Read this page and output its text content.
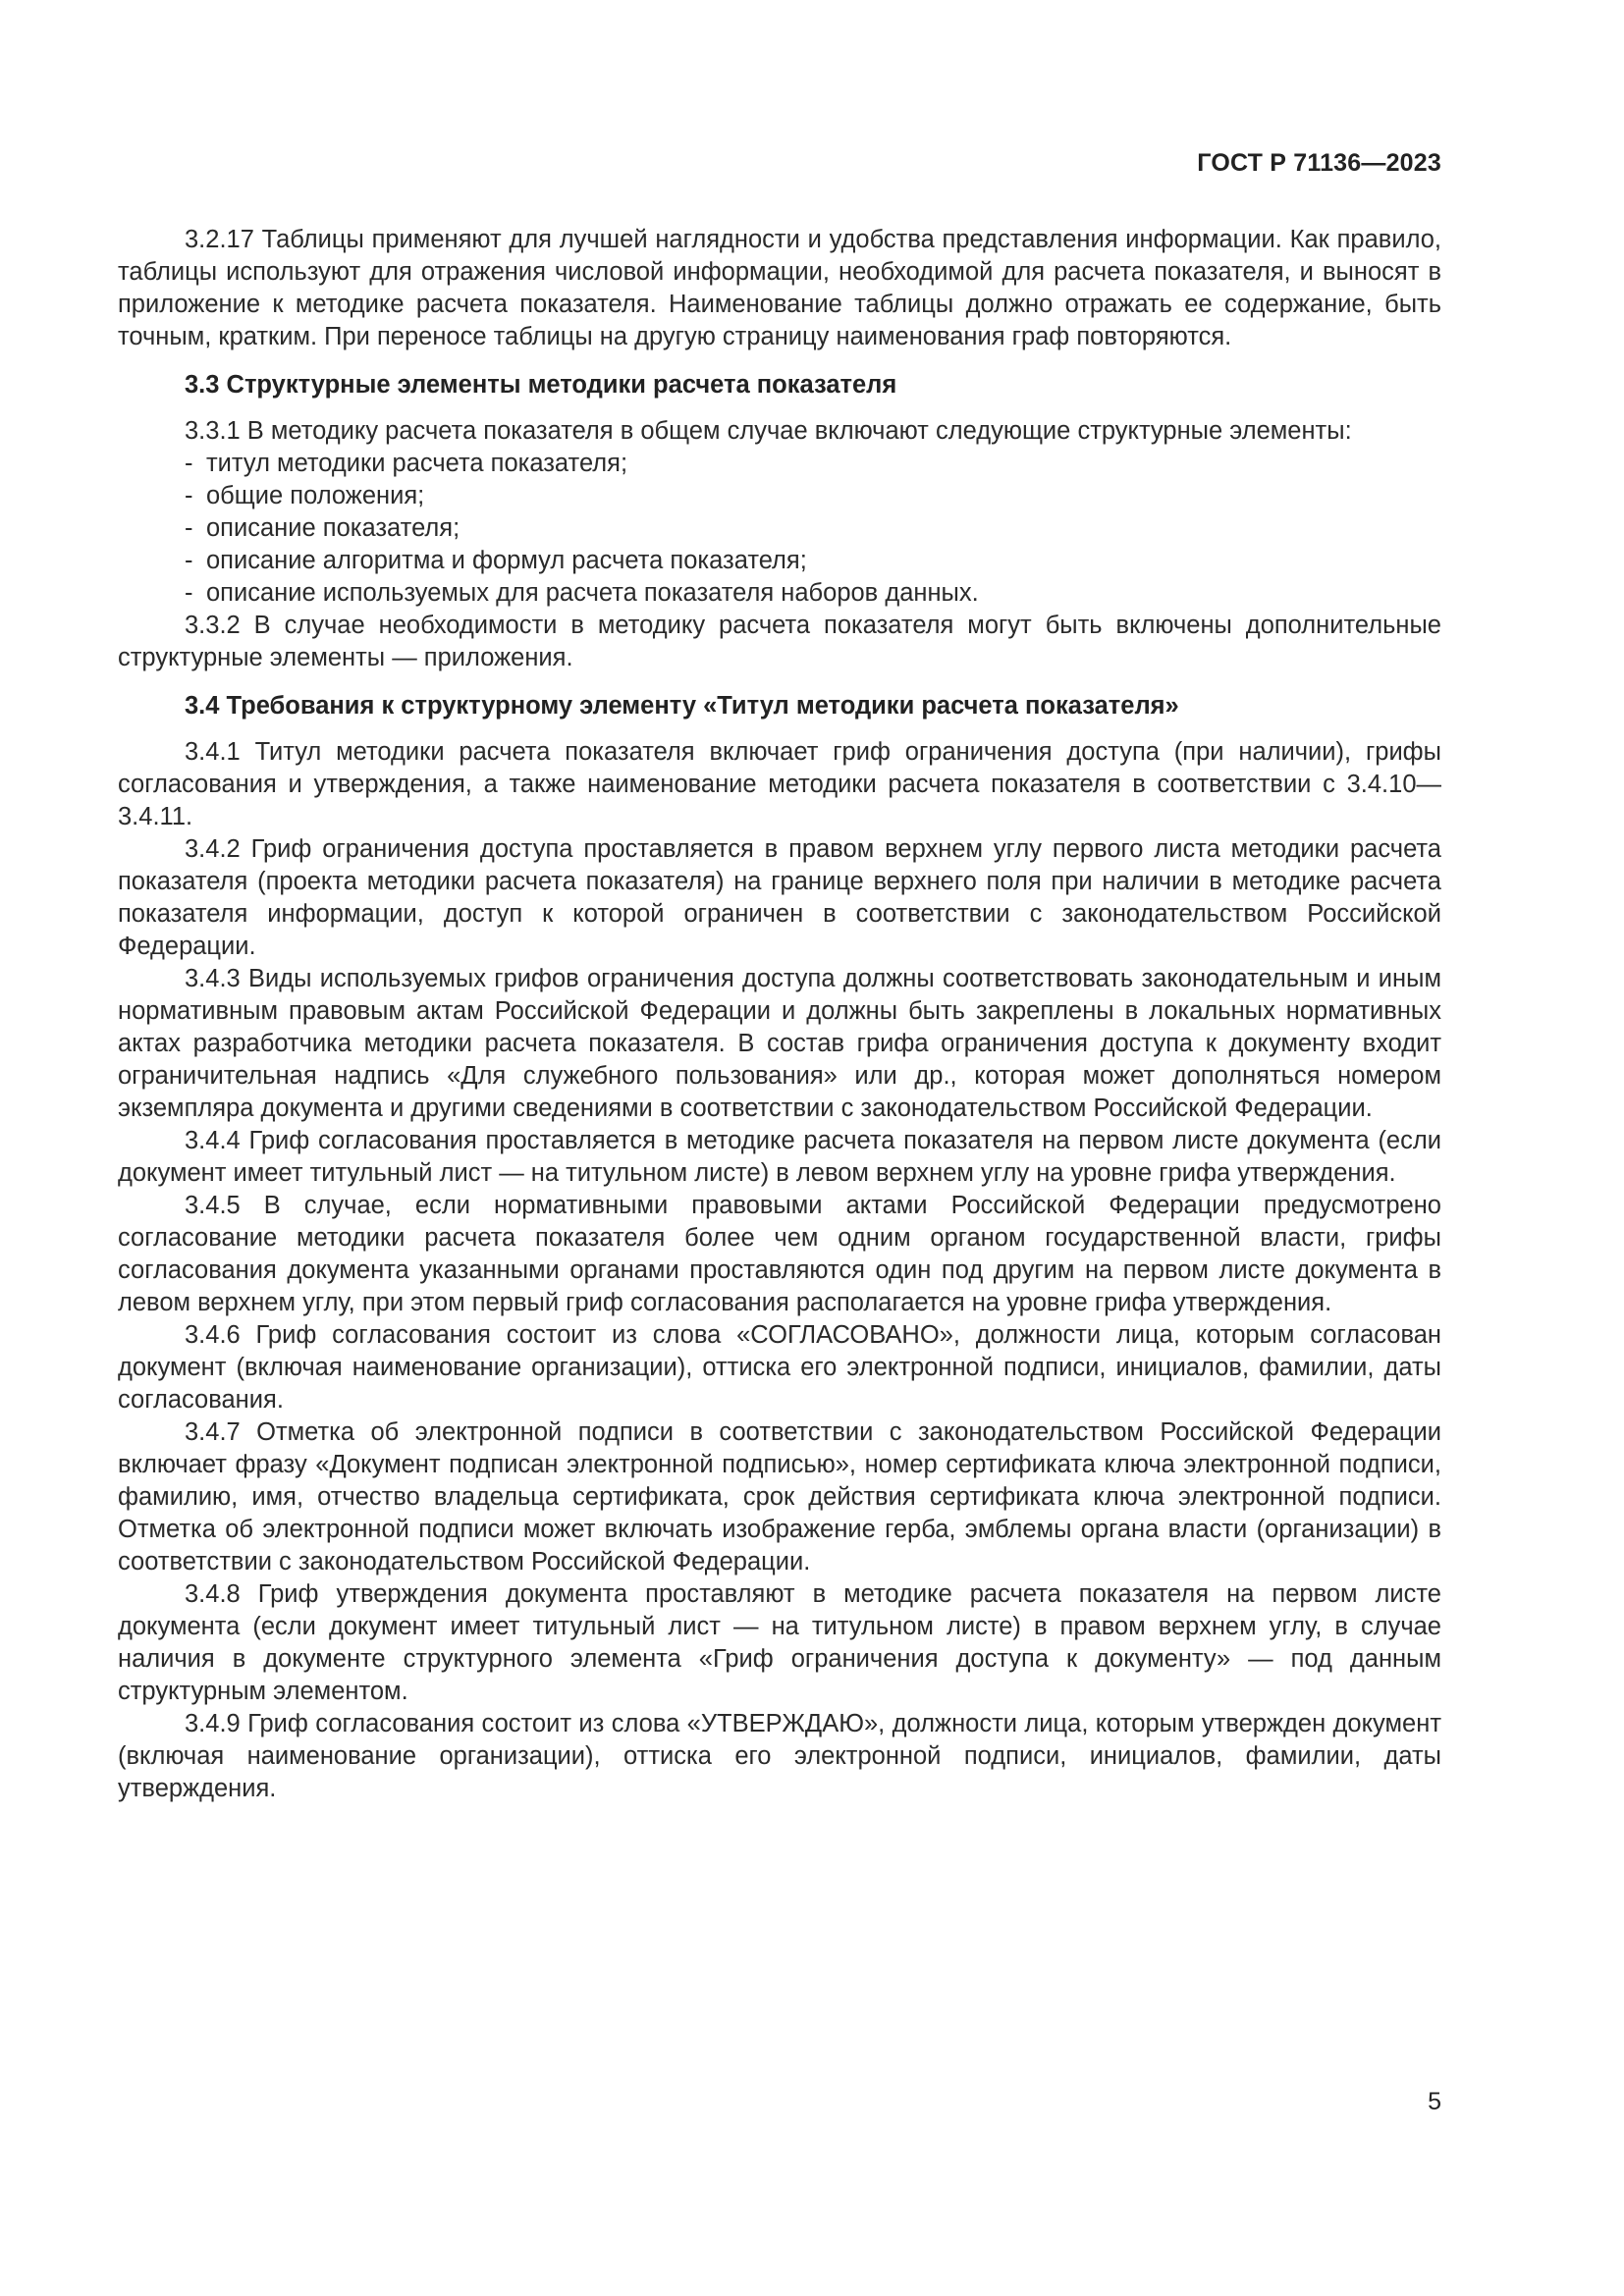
ГОСТ Р 71136—2023

3.2.17 Таблицы применяют для лучшей наглядности и удобства представления информации. Как правило, таблицы используют для отражения числовой информации, необходимой для расчета показателя, и выносят в приложение к методике расчета показателя. Наименование таблицы должно отражать ее содержание, быть точным, кратким. При переносе таблицы на другую страницу наименования граф повторяются.

3.3 Структурные элементы методики расчета показателя

3.3.1 В методику расчета показателя в общем случае включают следующие структурные элементы:

- титул методики расчета показателя;
- общие положения;
- описание показателя;
- описание алгоритма и формул расчета показателя;
- описание используемых для расчета показателя наборов данных.

3.3.2 В случае необходимости в методику расчета показателя могут быть включены дополнительные структурные элементы — приложения.

3.4 Требования к структурному элементу «Титул методики расчета показателя»

3.4.1 Титул методики расчета показателя включает гриф ограничения доступа (при наличии), грифы согласования и утверждения, а также наименование методики расчета показателя в соответствии с 3.4.10—3.4.11.

3.4.2 Гриф ограничения доступа проставляется в правом верхнем углу первого листа методики расчета показателя (проекта методики расчета показателя) на границе верхнего поля при наличии в методике расчета показателя информации, доступ к которой ограничен в соответствии с законодательством Российской Федерации.

3.4.3 Виды используемых грифов ограничения доступа должны соответствовать законодательным и иным нормативным правовым актам Российской Федерации и должны быть закреплены в локальных нормативных актах разработчика методики расчета показателя. В состав грифа ограничения доступа к документу входит ограничительная надпись «Для служебного пользования» или др., которая может дополняться номером экземпляра документа и другими сведениями в соответствии с законодательством Российской Федерации.

3.4.4 Гриф согласования проставляется в методике расчета показателя на первом листе документа (если документ имеет титульный лист — на титульном листе) в левом верхнем углу на уровне грифа утверждения.

3.4.5 В случае, если нормативными правовыми актами Российской Федерации предусмотрено согласование методики расчета показателя более чем одним органом государственной власти, грифы согласования документа указанными органами проставляются один под другим на первом листе документа в левом верхнем углу, при этом первый гриф согласования располагается на уровне грифа утверждения.

3.4.6 Гриф согласования состоит из слова «СОГЛАСОВАНО», должности лица, которым согласован документ (включая наименование организации), оттиска его электронной подписи, инициалов, фамилии, даты согласования.

3.4.7 Отметка об электронной подписи в соответствии с законодательством Российской Федерации включает фразу «Документ подписан электронной подписью», номер сертификата ключа электронной подписи, фамилию, имя, отчество владельца сертификата, срок действия сертификата ключа электронной подписи. Отметка об электронной подписи может включать изображение герба, эмблемы органа власти (организации) в соответствии с законодательством Российской Федерации.

3.4.8 Гриф утверждения документа проставляют в методике расчета показателя на первом листе документа (если документ имеет титульный лист — на титульном листе) в правом верхнем углу, в случае наличия в документе структурного элемента «Гриф ограничения доступа к документу» — под данным структурным элементом.

3.4.9 Гриф согласования состоит из слова «УТВЕРЖДАЮ», должности лица, которым утвержден документ (включая наименование организации), оттиска его электронной подписи, инициалов, фамилии, даты утверждения.

5
